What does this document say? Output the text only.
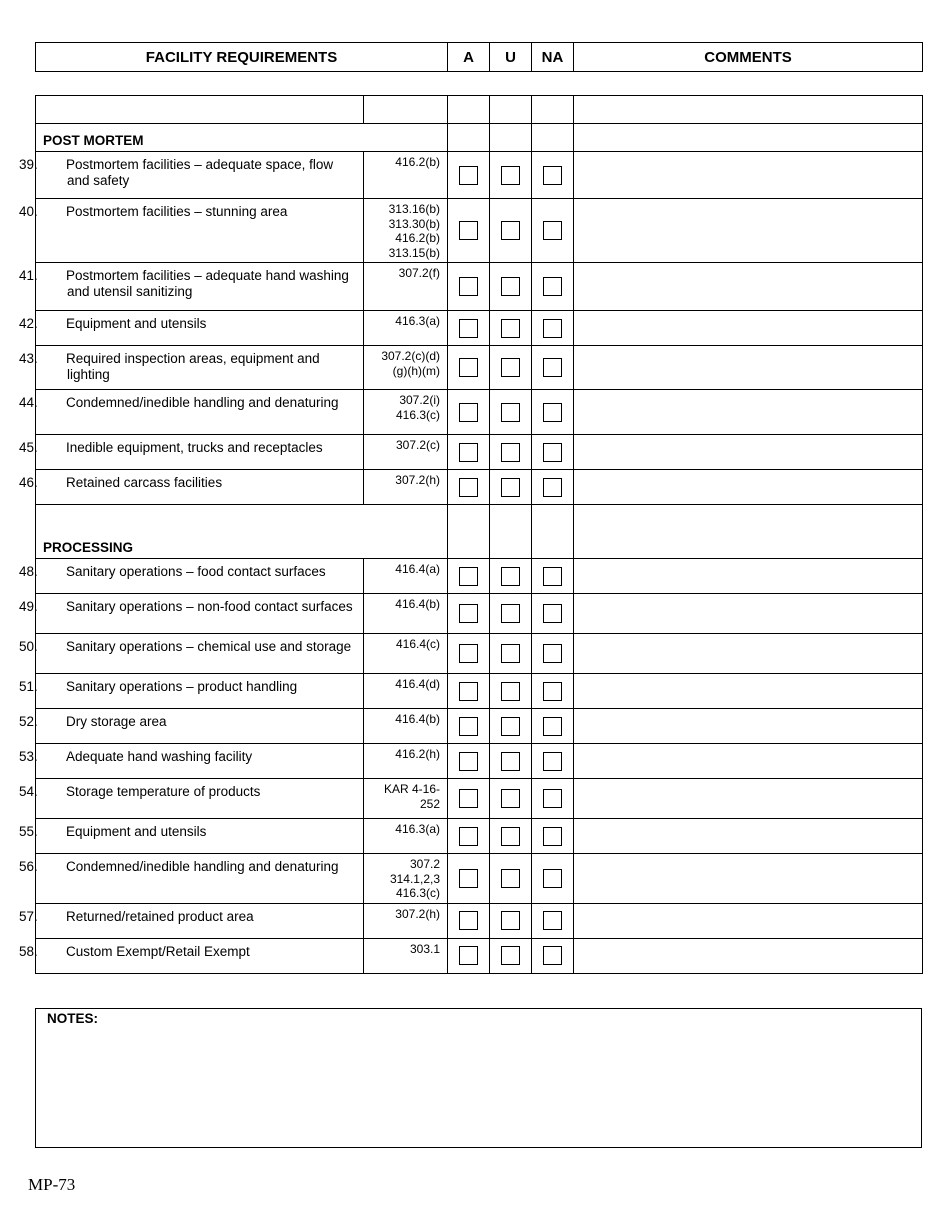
FACILITY REQUIREMENTS	A	U	NA	COMMENTS

POST MORTEM					

39. Postmortem facilities – adequate space, flow and safety	416.2(b)				

40. Postmortem facilities – stunning area	313.16(b)
313.30(b)
416.2(b)
313.15(b)				

41. Postmortem facilities – adequate hand washing and utensil sanitizing	307.2(f)				

42. Equipment and utensils	416.3(a)				

43. Required inspection areas, equipment and lighting	307.2(c)(d)
(g)(h)(m)				

44. Condemned/inedible handling and denaturing	307.2(i)
416.3(c)				

45. Inedible equipment, trucks and receptacles	307.2(c)				

46. Retained carcass facilities	307.2(h)				
PROCESSING					

48. Sanitary operations – food contact surfaces	416.4(a)				

49. Sanitary operations – non-food contact surfaces	416.4(b)				

50. Sanitary operations – chemical use and storage	416.4(c)				

51. Sanitary operations – product handling	416.4(d)				

52. Dry storage area	416.4(b)				

53. Adequate hand washing facility	416.2(h)				

54. Storage temperature of products	KAR 4-16-
252				

55. Equipment and utensils	416.3(a)				

56. Condemned/inedible handling and denaturing	307.2
314.1,2,3
416.3(c)				

57. Returned/retained product area	307.2(h)				

58. Custom Exempt/Retail Exempt	303.1				
NOTES:
MP-73
